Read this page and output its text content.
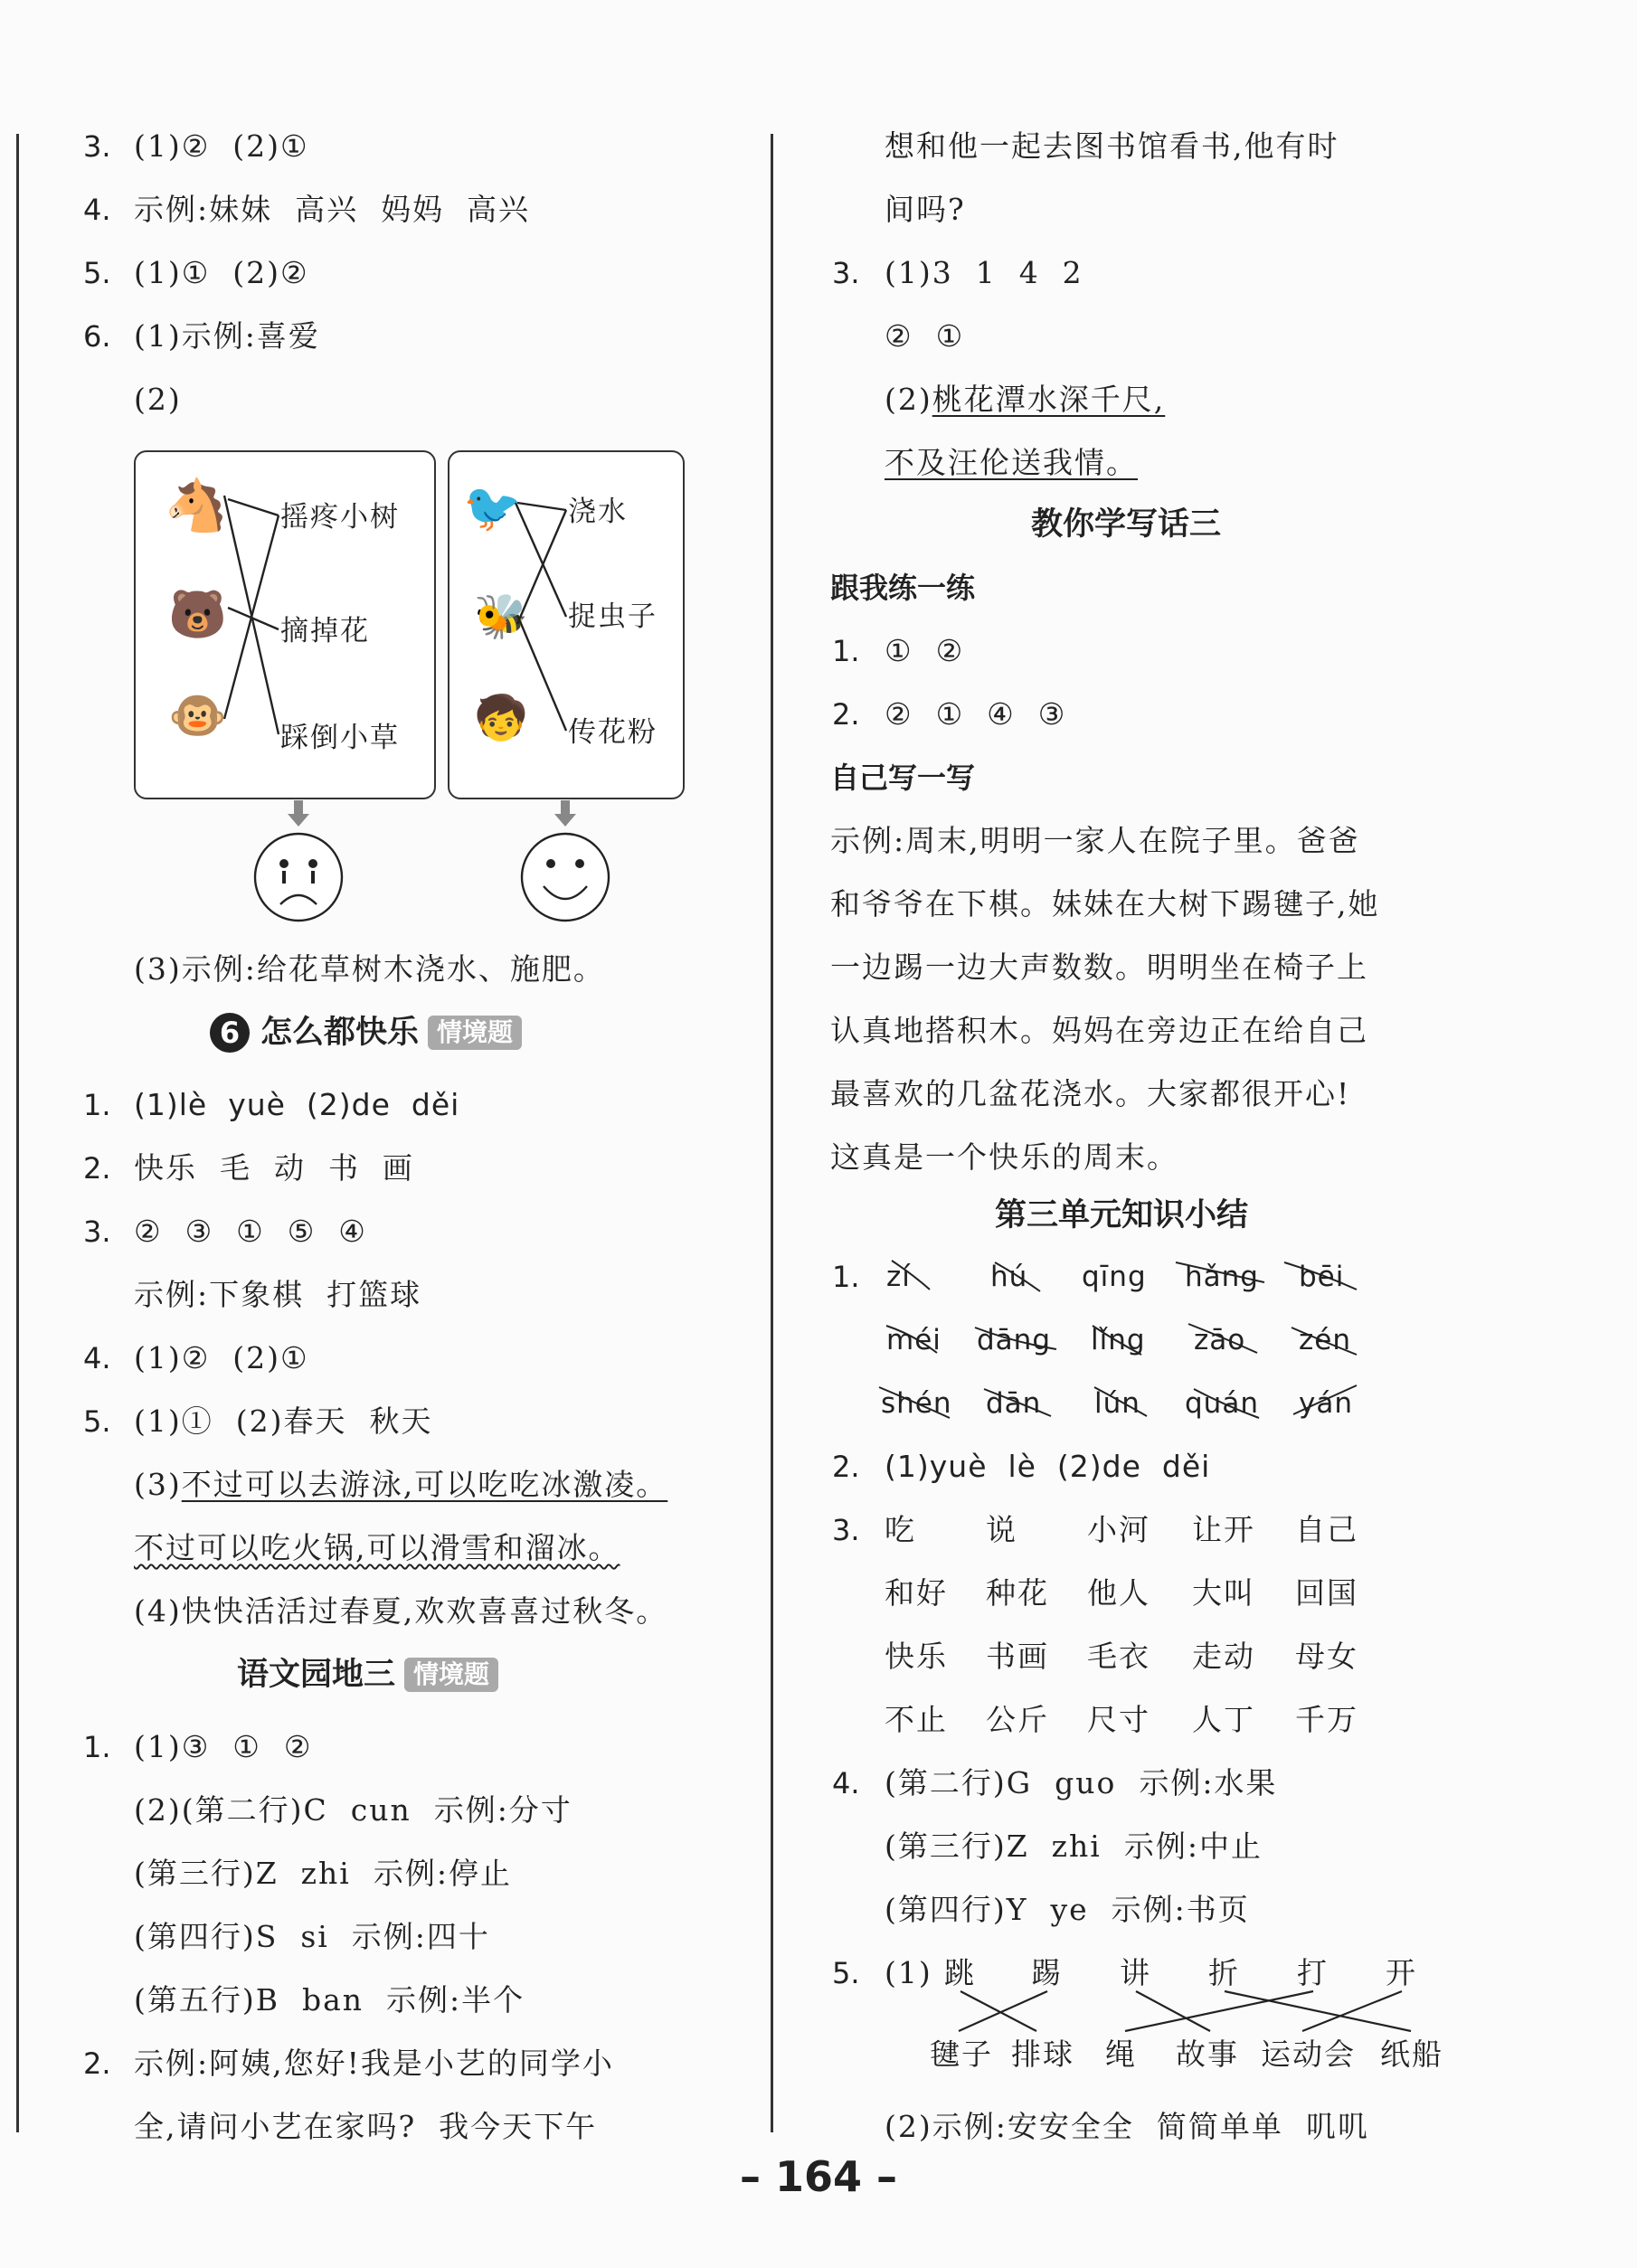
3. (1)②  (2)①
4. 示例:妹妹  高兴  妈妈  高兴
5. (1)①  (2)②
6. (1)示例:喜爱
(2)
🐴
🐻
🐵
摇疼小树
摘掉花
踩倒小草
🐦
🐝
🧒
浇水
捉虫子
传花粉
(3)示例:给花草树木浇水、施肥。
6 怎么都快乐 情境题
1. (1)lè  yuè  (2)de  děi
2. 快乐  毛  动  书  画
3. ②  ③  ①  ⑤  ④
示例:下象棋  打篮球
4. (1)②  (2)①
5. (1)①  (2)春天  秋天
(3)不过可以去游泳,可以吃吃冰激凌。
不过可以吃火锅,可以滑雪和溜冰。
(4)快快活活过春夏,欢欢喜喜过秋冬。
语文园地三 情境题
1. (1)③  ①  ②
(2)(第二行)C  cun  示例:分寸
(第三行)Z  zhi  示例:停止
(第四行)S  si  示例:四十
(第五行)B  ban  示例:半个
2. 示例:阿姨,您好!我是小艺的同学小
全,请问小艺在家吗?  我今天下午
想和他一起去图书馆看书,他有时
间吗?
3. (1)3  1  4  2
②  ①
(2)桃花潭水深千尺,
不及汪伦送我情。
教你学写话三
跟我练一练
1. ①  ②
2. ②  ①  ④  ③
自己写一写
示例:周末,明明一家人在院子里。爸爸
和爷爷在下棋。妹妹在大树下踢毽子,她
一边踢一边大声数数。明明坐在椅子上
认真地搭积木。妈妈在旁边正在给自己
最喜欢的几盆花浇水。大家都很开心!
这真是一个快乐的周末。
第三单元知识小结
1. zí	hú qīng hǎng bēi
méi dāng lǐng zāo zén
shén dān lún quán yán
2. (1)yuè  lè  (2)de  děi
3. 吃 说 小河 让开 自己
和好 种花 他人 大叫 回国
快乐 书画 毛衣 走动 母女
不止 公斤 尺寸 人丁 千万
4. (第二行)G  guo  示例:水果
(第三行)Z  zhi  示例:中止
(第四行)Y  ye  示例:书页
5. (1) 跳 踢 讲 折 打 开
毽子 排球 绳 故事 运动会 纸船
(2)示例:安安全全  简简单单  叽叽
– 164 –
